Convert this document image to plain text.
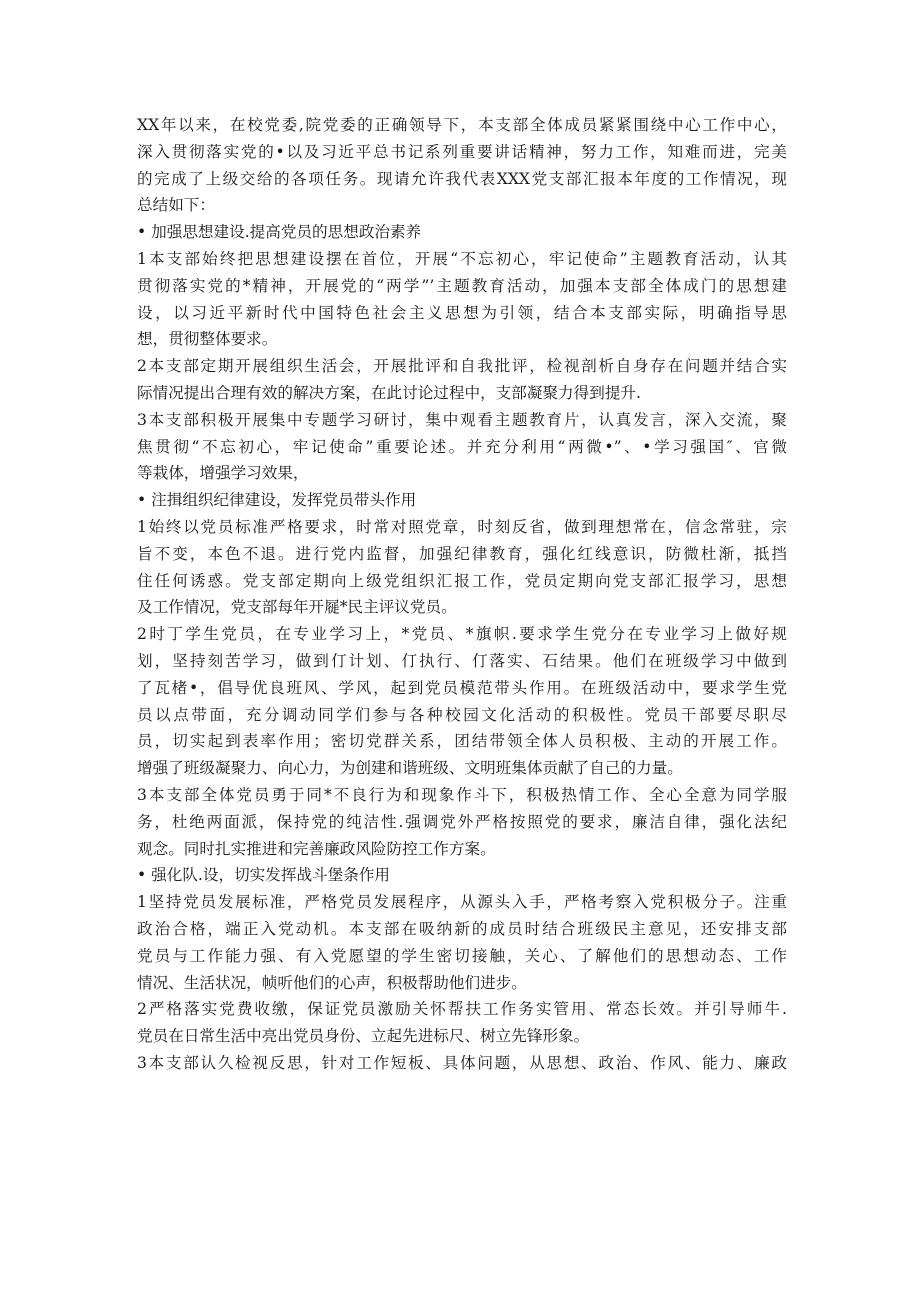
XX年以来，在校党委,院党委的正确领导下，本支部全体成员紧紧围绕中心工作中心，
深入贯彻落实党的•以及习近平总书记系列重要讲话精神，努力工作，知难而进，完美
的完成了上级交给的各项任务。现请允许我代表XXX党支部汇报本年度的工作情况，现
总结如下：
• 加强思想建设.提高党员的思想政治素养
1本支部始终把思想建设摆在首位，开展“不忘初心，牢记使命”主题教育活动，认其
贯彻落实党的*精神，开展党的“两学”’主题教育活动，加强本支部全体成门的思想建
设，以习近平新时代中国特色社会主义思想为引领，结合本支部实际，明确指导思
想，贯彻整体要求。
2本支部定期开展组织生活会，开展批评和自我批评，检视剖析自身存在问题并结合实
际情况提出合理有效的解决方案，在此讨论过程中，支部凝聚力得到提升.
3本支部积极开展集中专题学习研讨，集中观看主题教育片，认真发言，深入交流，聚
焦贯彻“不忘初心，牢记使命”重要论述。并充分利用“两微•”、•学习强国″、官微
等栽体，增强学习效果，
• 注揖组织纪律建设，发挥党员带头作用
1始终以党员标准严格要求，时常对照党章，时刻反省，做到理想常在，信念常驻，宗
旨不变，本色不退。进行党内监督，加强纪律教育，强化红线意识，防微杜渐，抵挡
住任何诱惑。党支部定期向上级党组织汇报工作，党员定期向党支部汇报学习，思想
及工作情况，党支部每年开屣*民主评议党员。
2时丁学生党员，在专业学习上，*党员、*旗帜.要求学生党分在专业学习上做好规
划，坚持刻苦学习，做到仃计划、仃执行、仃落实、石结果。他们在班级学习中做到
了瓦楮•，倡导优良班风、学风，起到党员模范带头作用。在班级活动中，要求学生党
员以点带面，充分调动同学们参与各种校园文化活动的积极性。党员干部要尽职尽
员，切实起到表率作用；密切党群关系，团结带领全体人员积极、主动的开展工作。
增强了班级凝聚力、向心力，为创建和谐班级、文明班集体贡献了自己的力量。
3本支部全体党员勇于同*不良行为和现象作斗下，积极热情工作、全心全意为同学服
务，杜绝两面派，保持党的纯洁性.强调党外严格按照党的要求，廉洁自律，强化法纪
观念。同时扎实推进和完善廉政风险防控工作方案。
• 强化队.设，切实发挥战斗堡条作用
1坚持党员发展标准，严格党员发展程序，从源头入手，严格考察入党积极分子。注重
政治合格，端正入党动机。本支部在吸纳新的成员时结合班级民主意见，还安排支部
党员与工作能力强、有入党愿望的学生密切接触，关心、了解他们的思想动态、工作
情况、生活状况，帧听他们的心声，积极帮助他们进步。
2严格落实党费收缴，保证党员激励关怀帮扶工作务实管用、常态长效。并引导师牛.
党员在日常生活中亮出党员身份、立起先进标尺、树立先锋形象。
3本支部认久检视反思，针对工作短板、具体问题，从思想、政治、作风、能力、廉政
